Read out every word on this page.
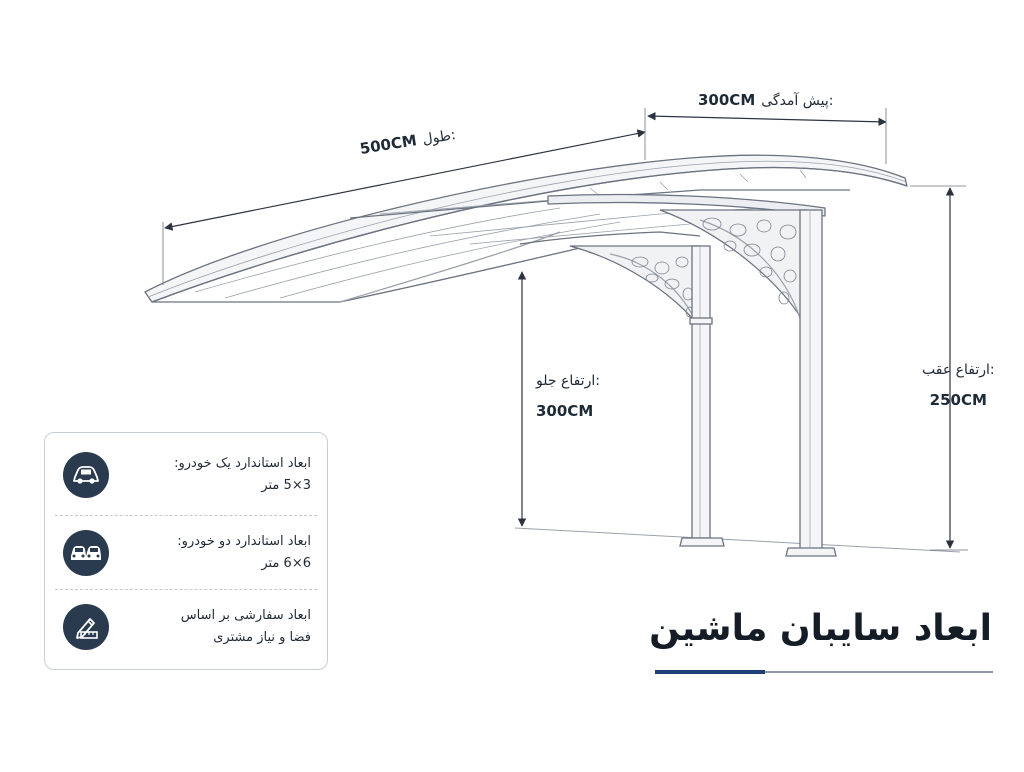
500CM طول:
300CM پیش آمدگی:
ارتفاع جلو:
300CM
ارتفاع عقب:
250CM
ابعاد استاندارد یک خودرو:
3×5 متر
ابعاد استاندارد دو خودرو:
6×6 متر
ابعاد سفارشی بر اساس
فضا و نیاز مشتری	ابعاد سایبان ماشین
